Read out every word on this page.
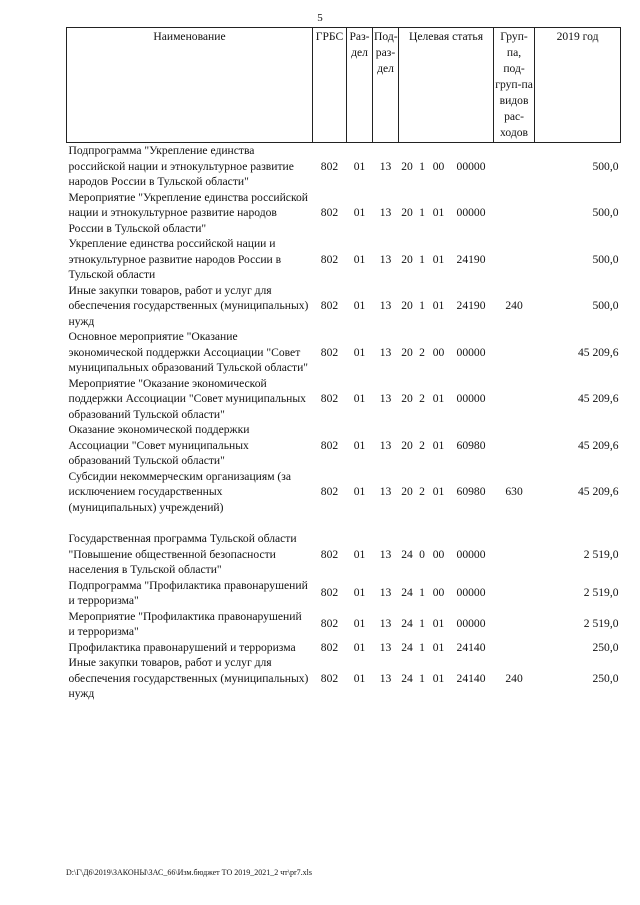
5
Наименование	ГРБС	Раз-дел	Под-раз-дел	Целевая статья				Груп-па, под-груп-па видов рас-ходов	2019 год
Подпрограмма "Укрепление единства российской нации и этнокультурное развитие народов России в Тульской области"	802	01	13	20	1	00	00000		500,0
Мероприятие "Укрепление единства российской нации и этнокультурное развитие народов России в Тульской области"	802	01	13	20	1	01	00000		500,0
Укрепление единства российской нации и этнокультурное развитие народов России в Тульской области	802	01	13	20	1	01	24190		500,0
Иные закупки товаров, работ и услуг для обеспечения государственных (муниципальных) нужд	802	01	13	20	1	01	24190	240	500,0
Основное мероприятие "Оказание экономической поддержки Ассоциации "Совет муниципальных образований Тульской области"	802	01	13	20	2	00	00000		45 209,6
Мероприятие "Оказание экономической поддержки Ассоциации "Совет муниципальных образований Тульской области"	802	01	13	20	2	01	00000		45 209,6
Оказание экономической поддержки Ассоциации "Совет муниципальных образований Тульской области"	802	01	13	20	2	01	60980		45 209,6
Субсидии некоммерческим организациям (за исключением государственных (муниципальных) учреждений)	802	01	13	20	2	01	60980	630	45 209,6

Государственная программа Тульской области "Повышение общественной безопасности населения в Тульской области"	802	01	13	24	0	00	00000		2 519,0
Подпрограмма "Профилактика правонарушений и терроризма"	802	01	13	24	1	00	00000		2 519,0
Мероприятие "Профилактика правонарушений и терроризма"	802	01	13	24	1	01	00000		2 519,0
Профилактика правонарушений и терроризма	802	01	13	24	1	01	24140		250,0
Иные закупки товаров, работ и услуг для обеспечения государственных (муниципальных) нужд	802	01	13	24	1	01	24140	240	250,0
D:\Г\Д6\2019\ЗАКОНЫ\ЗАС_66\Изм.бюджет ТО 2019_2021_2 чт\pr7.xls
